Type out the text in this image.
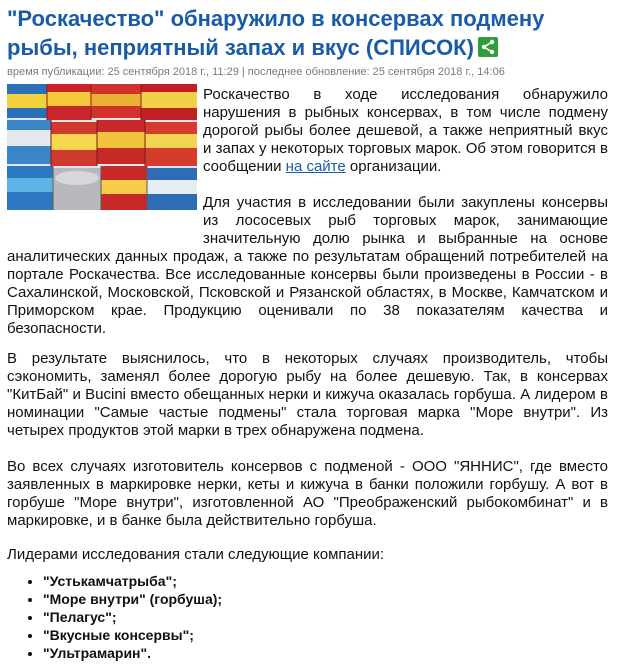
"Роскачество" обнаружило в консервах подмену рыбы, неприятный запах и вкус (СПИСОК)
время публикации: 25 сентября 2018 г., 11:29 | последнее обновление: 25 сентября 2018 г., 14:06

Роскачество в ходе исследования обнаружило нарушения в рыбных консервах, в том числе подмену дорогой рыбы более дешевой, а также неприятный вкус и запах у некоторых торговых марок. Об этом говорится в сообщении на сайте организации.

Для участия в исследовании были закуплены консервы из лососевых рыб торговых марок, занимающие значительную долю рынка и выбранные на основе аналитических данных продаж, а также по результатам обращений потребителей на портале Роскачества. Все исследованные консервы были произведены в России - в Сахалинской, Московской, Псковской и Рязанской областях, в Москве, Камчатском и Приморском крае. Продукцию оценивали по 38 показателям качества и безопасности.

В результате выяснилось, что в некоторых случаях производитель, чтобы сэкономить, заменял более дорогую рыбу на более дешевую. Так, в консервах "КитБай" и Bucini вместо обещанных нерки и кижуча оказалась горбуша. А лидером в номинации "Самые частые подмены" стала торговая марка "Море внутри". Из четырех продуктов этой марки в трех обнаружена подмена.

Во всех случаях изготовитель консервов с подменой - ООО "ЯННИС", где вместо заявленных в маркировке нерки, кеты и кижуча в банки положили горбушу. А вот в горбуше "Море внутри", изготовленной АО "Преображенский рыбокомбинат" и в маркировке, и в банке была действительно горбуша.

Лидерами исследования стали следующие компании:

• "Устькамчатрыба";
• "Море внутри" (горбуша);
• "Пелагус";
• "Вкусные консервы";
• "Ультрамарин".
